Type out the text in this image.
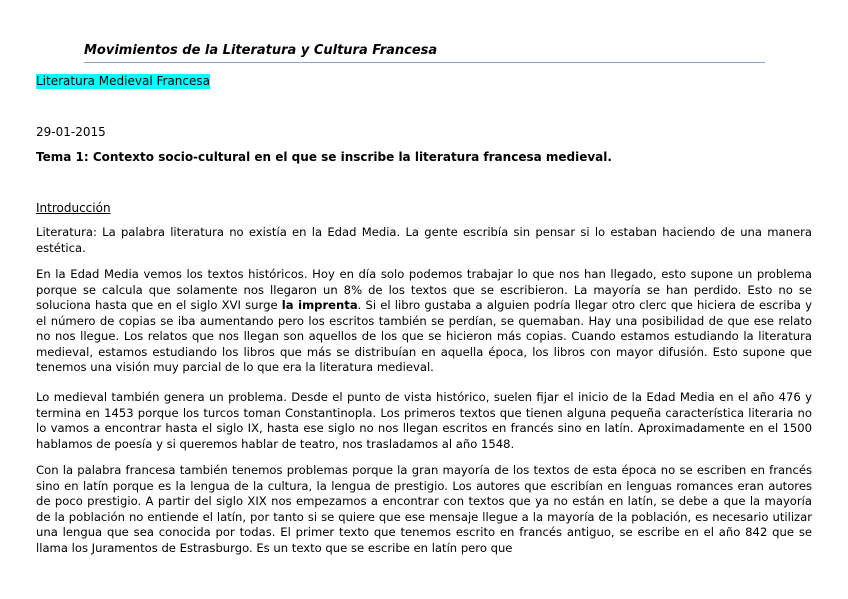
Movimientos de la Literatura y Cultura Francesa
Literatura Medieval Francesa
29-01-2015
Tema 1: Contexto socio-cultural en el que se inscribe la literatura francesa medieval.
Introducción
Literatura: La palabra literatura no existía en la Edad Media. La gente escribía sin pensar si lo estaban haciendo de una manera estética.
En la Edad Media vemos los textos históricos. Hoy en día solo podemos trabajar lo que nos han llegado, esto supone un problema porque se calcula que solamente nos llegaron un 8% de los textos que se escribieron. La mayoría se han perdido. Esto no se soluciona hasta que en el siglo XVI surge la imprenta. Si el libro gustaba a alguien podría llegar otro clerc que hiciera de escriba y el número de copias se iba aumentando pero los escritos también se perdían, se quemaban. Hay una posibilidad de que ese relato no nos llegue. Los relatos que nos llegan son aquellos de los que se hicieron más copias. Cuando estamos estudiando la literatura medieval, estamos estudiando los libros que más se distribuían en aquella época, los libros con mayor difusión. Esto supone que tenemos una visión muy parcial de lo que era la literatura medieval.
Lo medieval también genera un problema. Desde el punto de vista histórico, suelen fijar el inicio de la Edad Media en el año 476 y termina en 1453 porque los turcos toman Constantinopla. Los primeros textos que tienen alguna pequeña característica literaria no lo vamos a encontrar hasta el siglo IX, hasta ese siglo no nos llegan escritos en francés sino en latín. Aproximadamente en el 1500 hablamos de poesía y si queremos hablar de teatro, nos trasladamos al año 1548.
Con la palabra francesa también tenemos problemas porque la gran mayoría de los textos de esta época no se escriben en francés sino en latín porque es la lengua de la cultura, la lengua de prestigio. Los autores que escribían en lenguas romances eran autores de poco prestigio. A partir del siglo XIX nos empezamos a encontrar con textos que ya no están en latín, se debe a que la mayoría de la población no entiende el latín, por tanto si se quiere que ese mensaje llegue a la mayoría de la población, es necesario utilizar una lengua que sea conocida por todas. El primer texto que tenemos escrito en francés antiguo, se escribe en el año 842 que se llama los Juramentos de Estrasburgo. Es un texto que se escribe en latín pero que
